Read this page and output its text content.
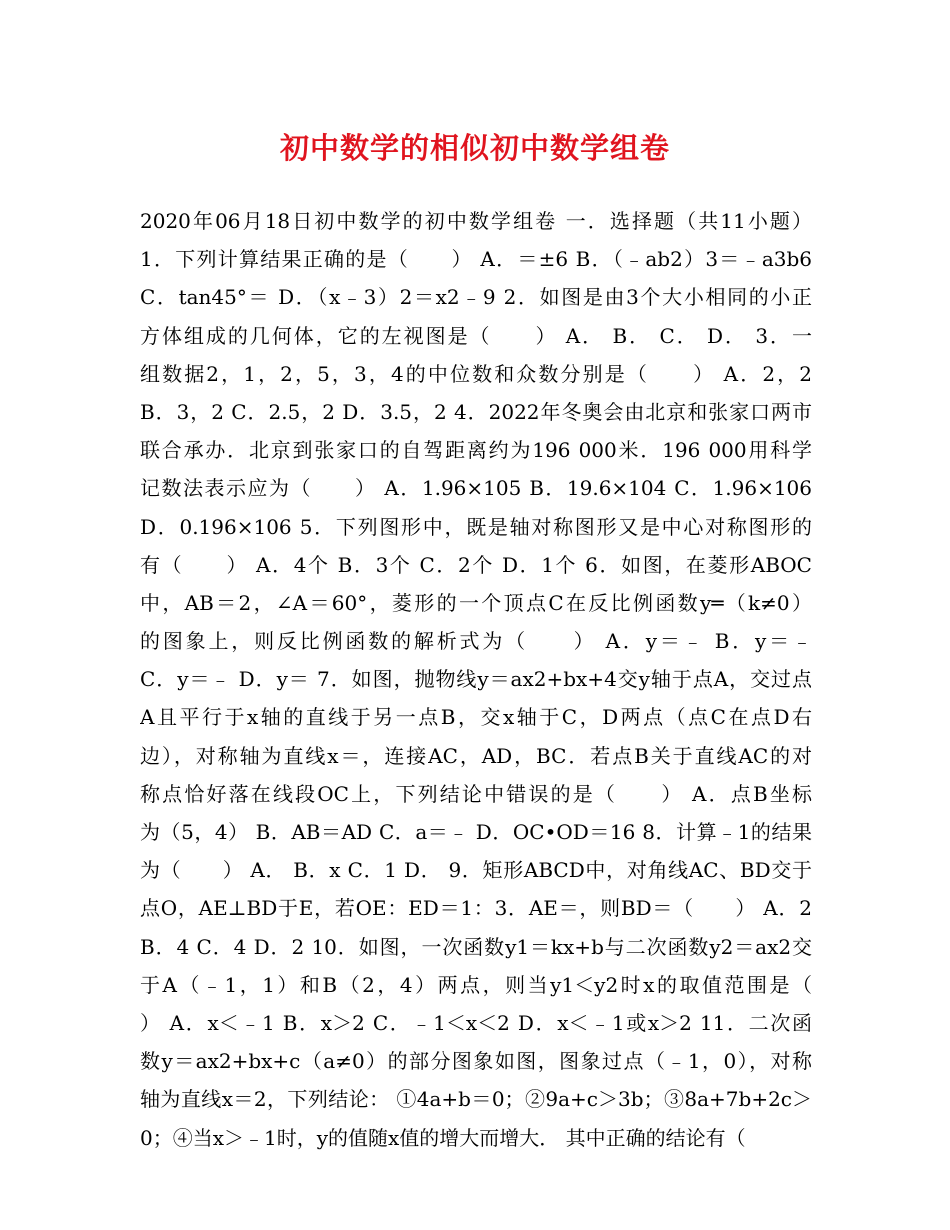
初中数学的相似初中数学组卷
2020年06月18日初中数学的初中数学组卷 一．选择题（共11小题）
1．下列计算结果正确的是（　　） A．＝±6 B．（﹣ab2）3＝﹣a3b6
C．tan45°＝ D．（x﹣3）2＝x2﹣9 2．如图是由3个大小相同的小正
方体组成的几何体，它的左视图是（　　） A． B． C． D． 3．一
组数据2，1，2，5，3，4的中位数和众数分别是（　　） A．2，2
B．3，2 C．2.5，2 D．3.5，2 4．2022年冬奥会由北京和张家口两市
联合承办．北京到张家口的自驾距离约为196 000米．196 000用科学
记数法表示应为（　　） A．1.96×105 B．19.6×104 C．1.96×106
D．0.196×106 5．下列图形中，既是轴对称图形又是中心对称图形的
有（　　） A．4个 B．3个 C．2个 D．1个 6．如图，在菱形ABOC
中，AB＝2，∠A＝60°，菱形的一个顶点C在反比例函数y═（k≠0）
的图象上，则反比例函数的解析式为（　　） A．y＝﹣ B．y＝﹣
C．y＝﹣ D．y＝ 7．如图，抛物线y＝ax2+bx+4交y轴于点A，交过点
A且平行于x轴的直线于另一点B，交x轴于C，D两点（点C在点D右
边），对称轴为直线x＝，连接AC，AD，BC．若点B关于直线AC的对
称点恰好落在线段OC上，下列结论中错误的是（　　） A．点B坐标
为（5，4） B．AB＝AD C．a＝﹣ D．OC•OD＝16 8．计算﹣1的结果
为（　　） A． B．x C．1 D． 9．矩形ABCD中，对角线AC、BD交于
点O，AE⊥BD于E，若OE：ED＝1：3．AE＝，则BD＝（　　） A．2
B．4 C．4 D．2 10．如图，一次函数y1＝kx+b与二次函数y2＝ax2交
于A（﹣1，1）和B（2，4）两点，则当y1＜y2时x的取值范围是（
） A．x＜﹣1 B．x＞2 C．﹣1＜x＜2 D．x＜﹣1或x＞2 11．二次函
数y＝ax2+bx+c（a≠0）的部分图象如图，图象过点（﹣1，0），对称
轴为直线x＝2，下列结论： ①4a+b＝0；②9a+c＞3b；③8a+7b+2c＞
0；④当x＞﹣1时，y的值随x值的增大而增大． 其中正确的结论有（
